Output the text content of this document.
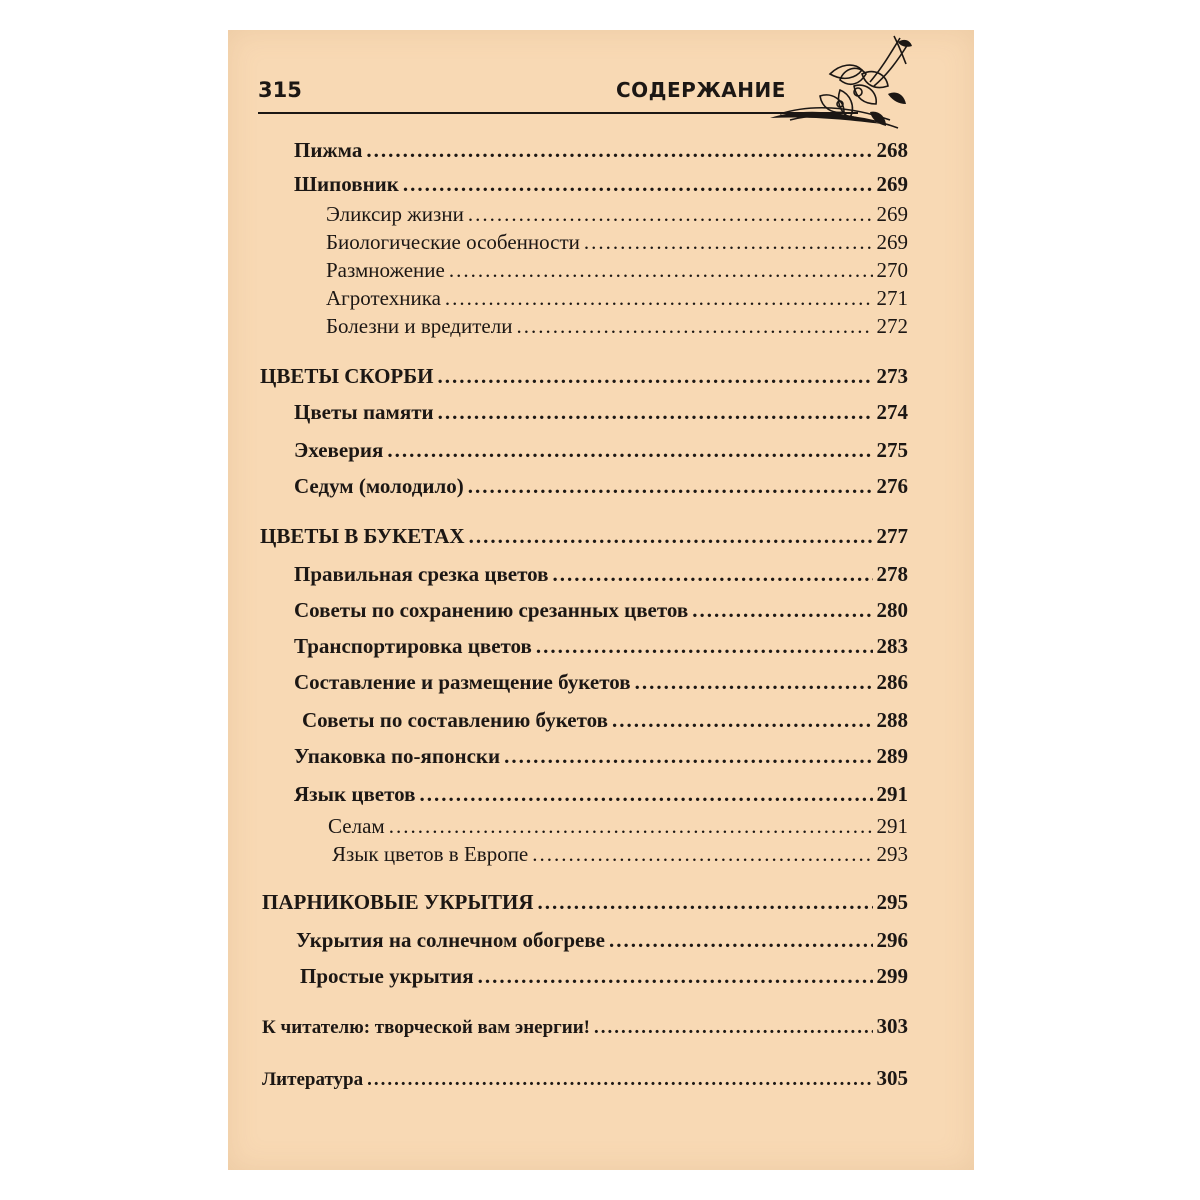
315	СОДЕРЖАНИЕ
Пижма .....	268
Шиповник .....	269
Эликсир жизни .....	269
Биологические особенности .....	269
Размножение .....	270
Агротехника .....	271
Болезни и вредители .....	272
ЦВЕТЫ СКОРБИ .....	273
Цветы памяти .....	274
Эхеверия .....	275
Седум (молодило) .....	276
ЦВЕТЫ В БУКЕТАХ .....	277
Правильная срезка цветов .....	278
Советы по сохранению срезанных цветов .....	280
Транспортировка цветов .....	283
Составление и размещение букетов .....	286
Советы по составлению букетов .....	288
Упаковка по-японски .....	289
Язык цветов .....	291
Селам .....	291
Язык цветов в Европе .....	293
ПАРНИКОВЫЕ УКРЫТИЯ .....	295
Укрытия на солнечном обогреве .....	296
Простые укрытия .....	299
К читателю: творческой вам энергии! .....	303
Литература .....	305
